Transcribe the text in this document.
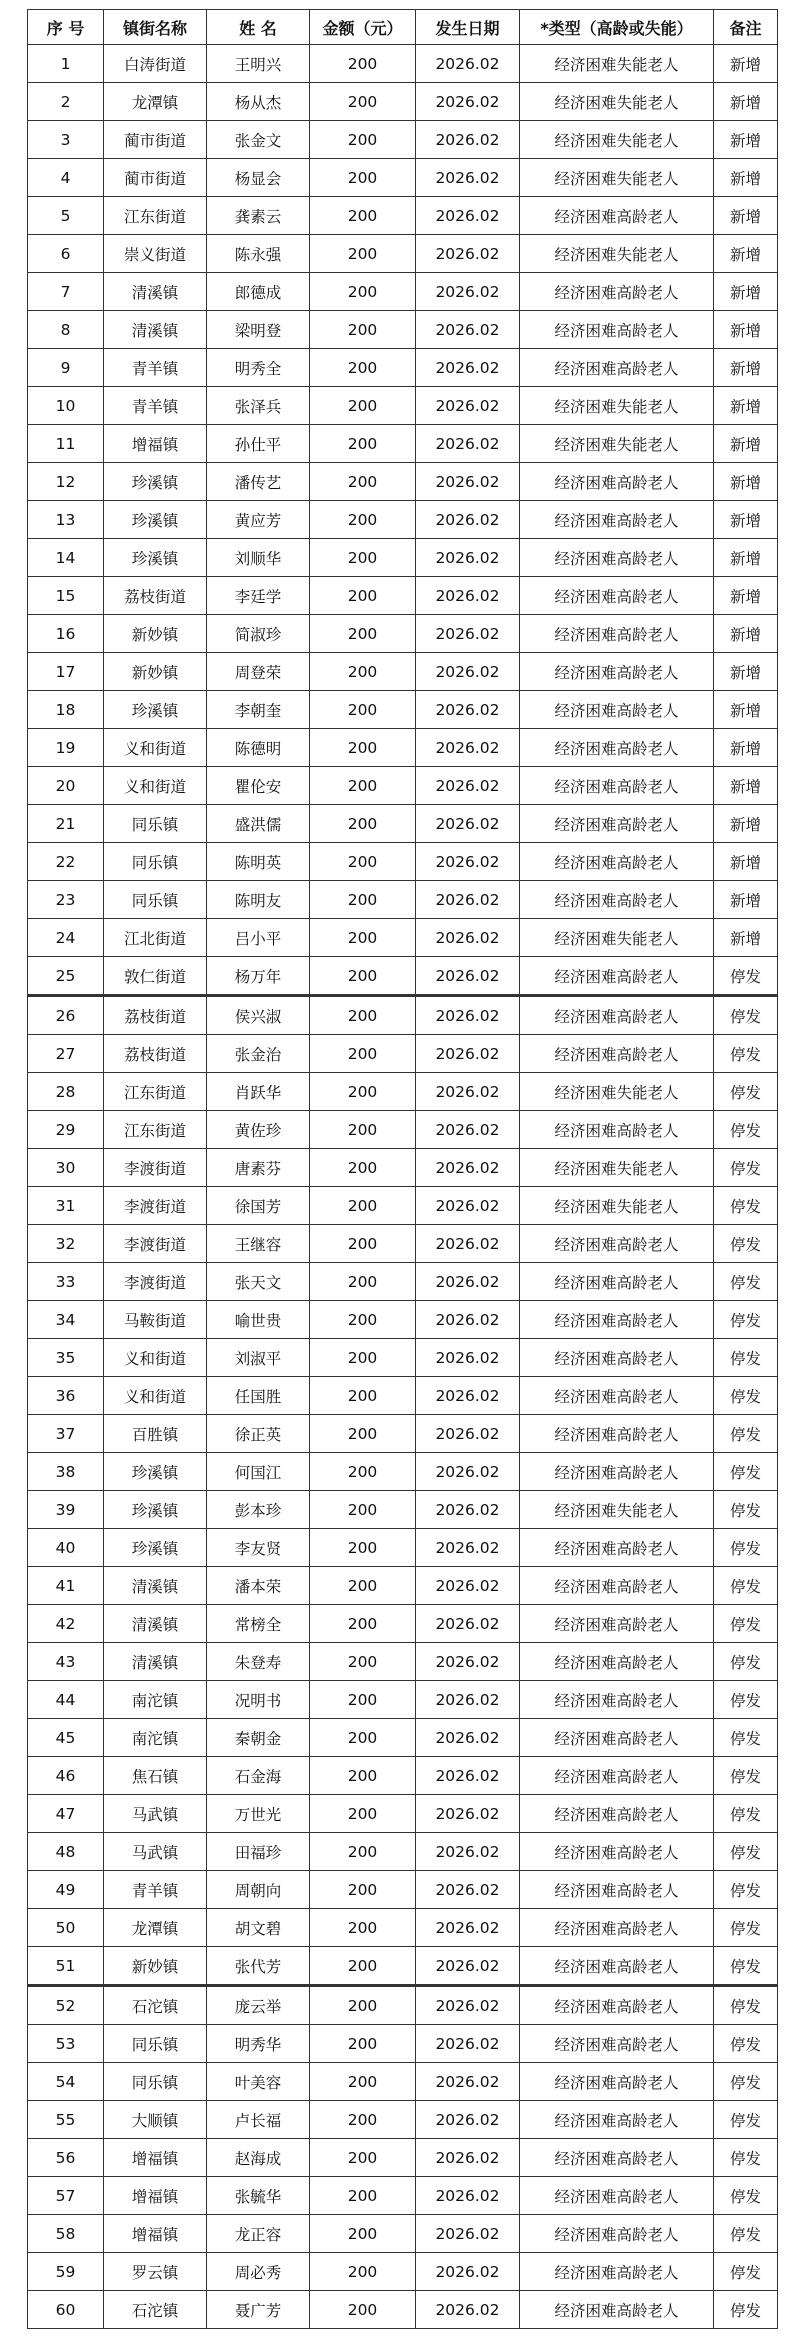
序 号	镇街名称	姓 名	金额（元）	发生日期	*类型（高龄或失能）	备注
1	白涛街道	王明兴	200	2026.02	经济困难失能老人	新增
2	龙潭镇	杨从杰	200	2026.02	经济困难失能老人	新增
3	蔺市街道	张金文	200	2026.02	经济困难失能老人	新增
4	蔺市街道	杨显会	200	2026.02	经济困难失能老人	新增
5	江东街道	龚素云	200	2026.02	经济困难高龄老人	新增
6	崇义街道	陈永强	200	2026.02	经济困难失能老人	新增
7	清溪镇	郎德成	200	2026.02	经济困难高龄老人	新增
8	清溪镇	梁明登	200	2026.02	经济困难高龄老人	新增
9	青羊镇	明秀全	200	2026.02	经济困难高龄老人	新增
10	青羊镇	张泽兵	200	2026.02	经济困难失能老人	新增
11	增福镇	孙仕平	200	2026.02	经济困难失能老人	新增
12	珍溪镇	潘传艺	200	2026.02	经济困难高龄老人	新增
13	珍溪镇	黄应芳	200	2026.02	经济困难高龄老人	新增
14	珍溪镇	刘顺华	200	2026.02	经济困难高龄老人	新增
15	荔枝街道	李廷学	200	2026.02	经济困难高龄老人	新增
16	新妙镇	简淑珍	200	2026.02	经济困难高龄老人	新增
17	新妙镇	周登荣	200	2026.02	经济困难高龄老人	新增
18	珍溪镇	李朝奎	200	2026.02	经济困难高龄老人	新增
19	义和街道	陈德明	200	2026.02	经济困难高龄老人	新增
20	义和街道	瞿伦安	200	2026.02	经济困难高龄老人	新增
21	同乐镇	盛洪儒	200	2026.02	经济困难高龄老人	新增
22	同乐镇	陈明英	200	2026.02	经济困难高龄老人	新增
23	同乐镇	陈明友	200	2026.02	经济困难高龄老人	新增
24	江北街道	吕小平	200	2026.02	经济困难失能老人	新增
25	敦仁街道	杨万年	200	2026.02	经济困难高龄老人	停发
26	荔枝街道	侯兴淑	200	2026.02	经济困难高龄老人	停发
27	荔枝街道	张金治	200	2026.02	经济困难高龄老人	停发
28	江东街道	肖跃华	200	2026.02	经济困难失能老人	停发
29	江东街道	黄佐珍	200	2026.02	经济困难高龄老人	停发
30	李渡街道	唐素芬	200	2026.02	经济困难失能老人	停发
31	李渡街道	徐国芳	200	2026.02	经济困难失能老人	停发
32	李渡街道	王继容	200	2026.02	经济困难高龄老人	停发
33	李渡街道	张天文	200	2026.02	经济困难高龄老人	停发
34	马鞍街道	喻世贵	200	2026.02	经济困难高龄老人	停发
35	义和街道	刘淑平	200	2026.02	经济困难高龄老人	停发
36	义和街道	任国胜	200	2026.02	经济困难高龄老人	停发
37	百胜镇	徐正英	200	2026.02	经济困难高龄老人	停发
38	珍溪镇	何国江	200	2026.02	经济困难高龄老人	停发
39	珍溪镇	彭本珍	200	2026.02	经济困难失能老人	停发
40	珍溪镇	李友贤	200	2026.02	经济困难高龄老人	停发
41	清溪镇	潘本荣	200	2026.02	经济困难高龄老人	停发
42	清溪镇	常榜全	200	2026.02	经济困难高龄老人	停发
43	清溪镇	朱登寿	200	2026.02	经济困难高龄老人	停发
44	南沱镇	况明书	200	2026.02	经济困难高龄老人	停发
45	南沱镇	秦朝金	200	2026.02	经济困难高龄老人	停发
46	焦石镇	石金海	200	2026.02	经济困难高龄老人	停发
47	马武镇	万世光	200	2026.02	经济困难高龄老人	停发
48	马武镇	田福珍	200	2026.02	经济困难高龄老人	停发
49	青羊镇	周朝向	200	2026.02	经济困难高龄老人	停发
50	龙潭镇	胡文碧	200	2026.02	经济困难高龄老人	停发
51	新妙镇	张代芳	200	2026.02	经济困难高龄老人	停发
52	石沱镇	庞云举	200	2026.02	经济困难高龄老人	停发
53	同乐镇	明秀华	200	2026.02	经济困难高龄老人	停发
54	同乐镇	叶美容	200	2026.02	经济困难高龄老人	停发
55	大顺镇	卢长福	200	2026.02	经济困难高龄老人	停发
56	增福镇	赵海成	200	2026.02	经济困难高龄老人	停发
57	增福镇	张毓华	200	2026.02	经济困难高龄老人	停发
58	增福镇	龙正容	200	2026.02	经济困难高龄老人	停发
59	罗云镇	周必秀	200	2026.02	经济困难高龄老人	停发
60	石沱镇	聂广芳	200	2026.02	经济困难高龄老人	停发
